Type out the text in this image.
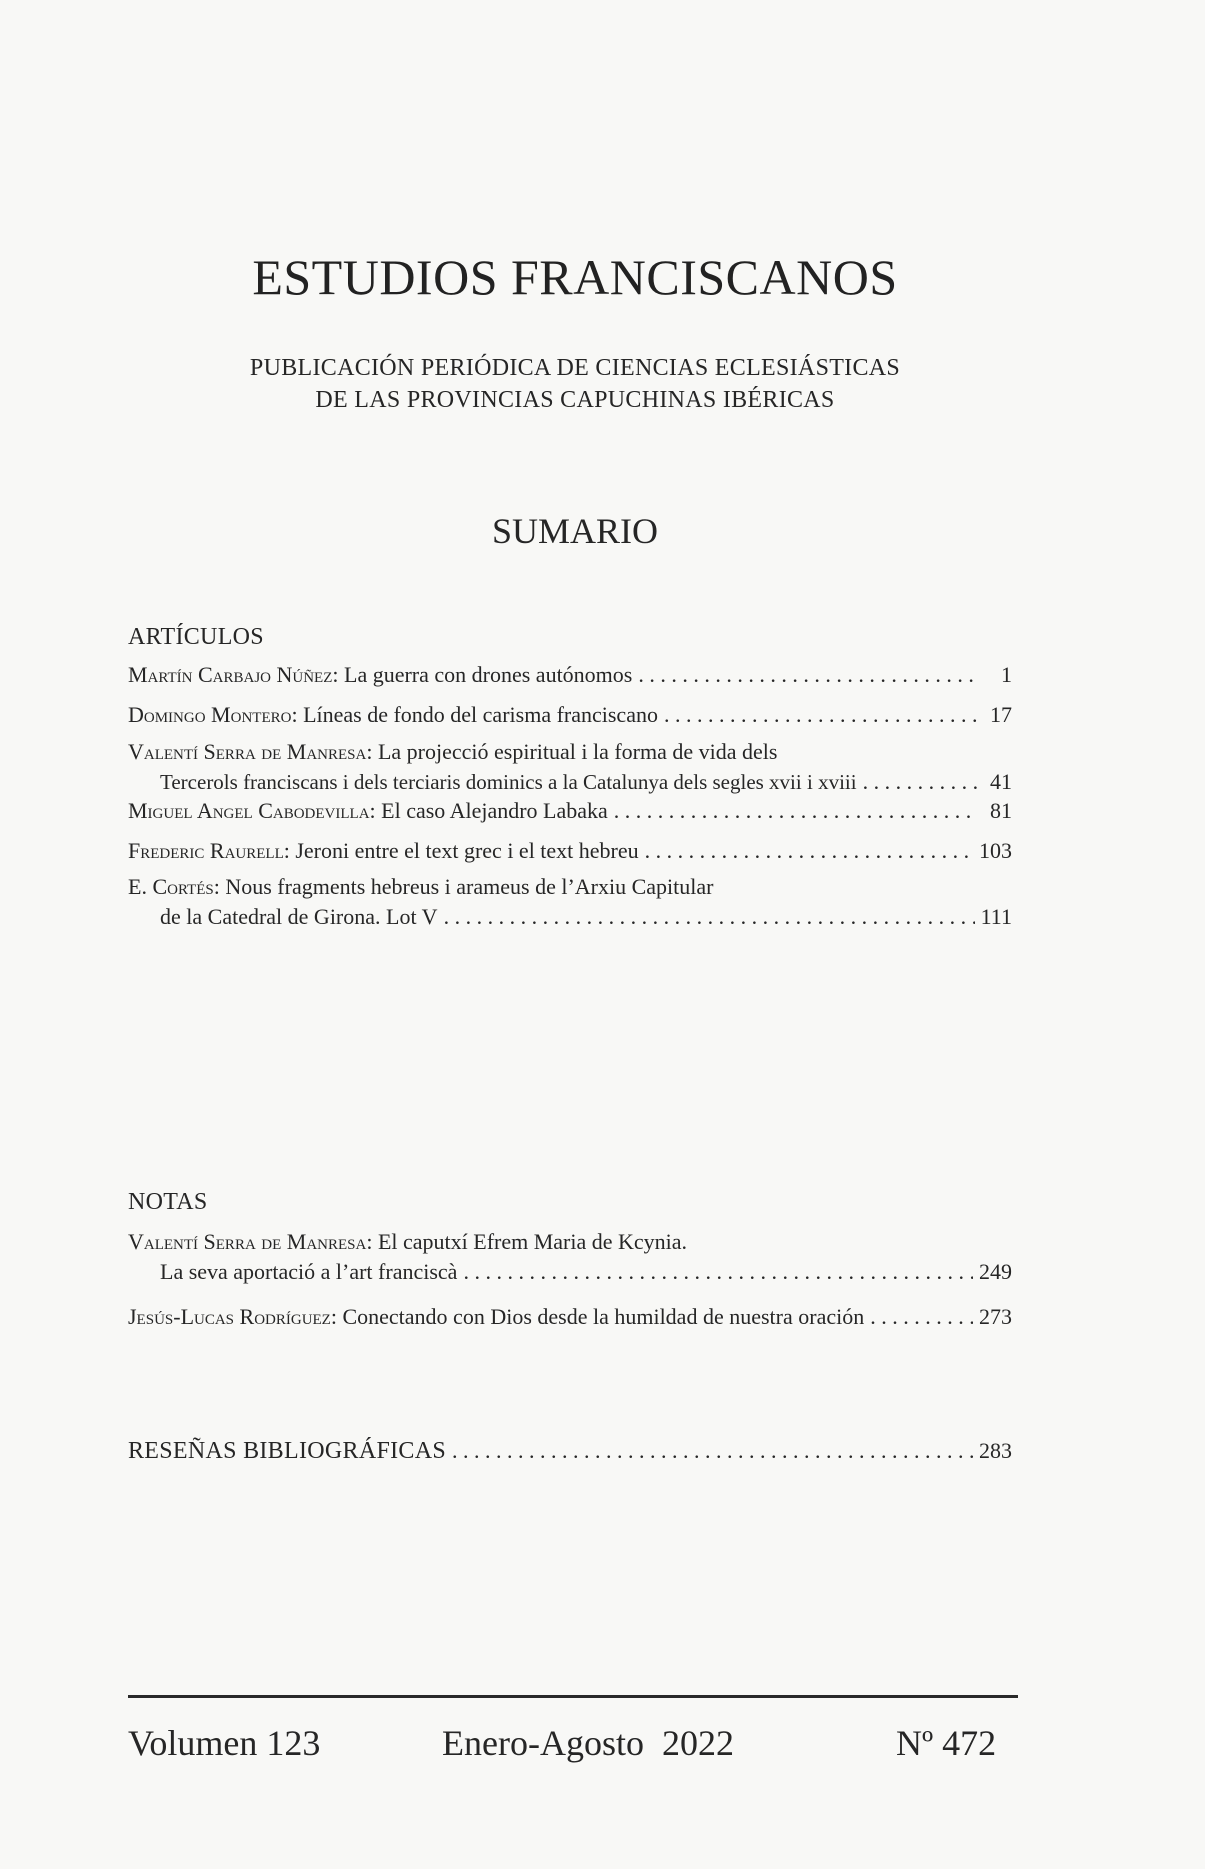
ESTUDIOS FRANCISCANOS
PUBLICACIÓN PERIÓDICA DE CIENCIAS ECLESIÁSTICAS
DE LAS PROVINCIAS CAPUCHINAS IBÉRICAS
SUMARIO
ARTÍCULOS
Martín Carbajo Núñez: La guerra con drones autónomos . . .	1
Domingo Montero: Líneas de fondo del carisma franciscano . . .	17
Valentí Serra de Manresa: La projecció espiritual i la forma de vida dels
Tercerols franciscans i dels terciaris dominics a la Catalunya dels segles xvii i xviii . . .	41
Miguel Angel Cabodevilla: El caso Alejandro Labaka . . .	81
Frederic Raurell: Jeroni entre el text grec i el text hebreu . . .	103
E. Cortés: Nous fragments hebreus i arameus de l’Arxiu Capitular
de la Catedral de Girona. Lot V . . .	111
NOTAS
Valentí Serra de Manresa: El caputxí Efrem Maria de Kcynia.
La seva aportació a l’art franciscà . . .	249
Jesús-Lucas Rodríguez: Conectando con Dios desde la humildad de nuestra oración . . .	273
RESEÑAS BIBLIOGRÁFICAS . . .	283
Volumen 123	Enero-Agosto  2022	Nº 472
